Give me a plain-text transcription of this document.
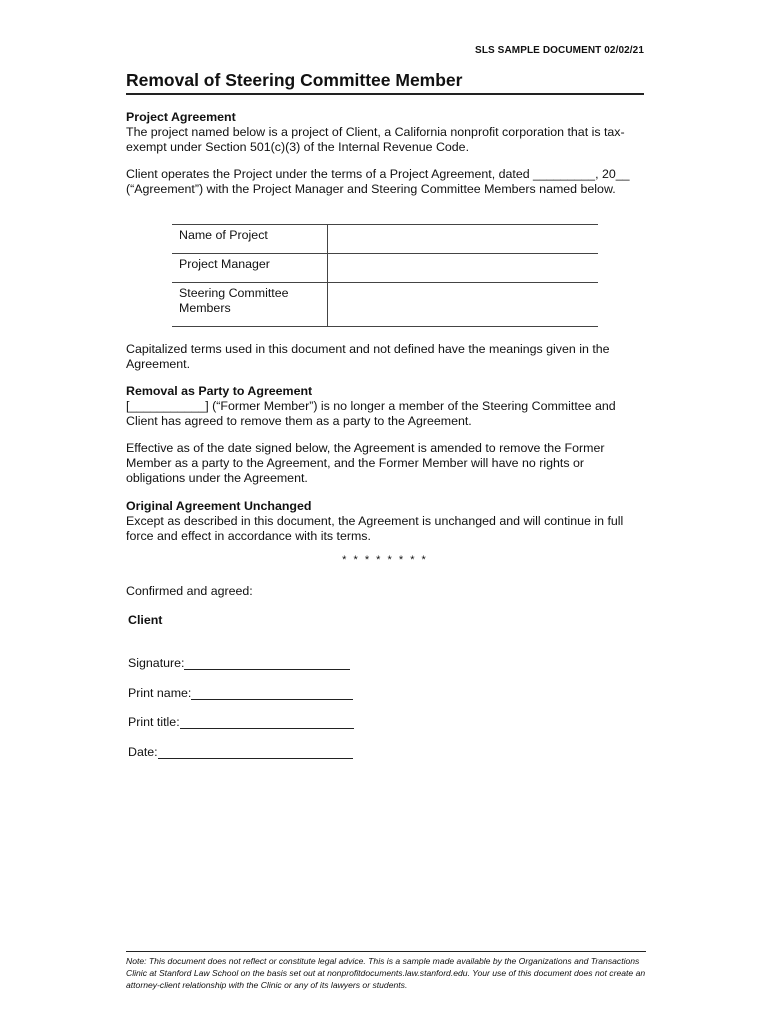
SLS SAMPLE DOCUMENT 02/02/21
Removal of Steering Committee Member
Project Agreement
The project named below is a project of Client, a California nonprofit corporation that is tax-exempt under Section 501(c)(3) of the Internal Revenue Code.

Client operates the Project under the terms of a Project Agreement, dated _________, 20__ (“Agreement”) with the Project Manager and Steering Committee Members named below.

Name of Project	
Project Manager	
Steering Committee Members	

Capitalized terms used in this document and not defined have the meanings given in the Agreement.

Removal as Party to Agreement
[___________] (“Former Member”) is no longer a member of the Steering Committee and Client has agreed to remove them as a party to the Agreement.

Effective as of the date signed below, the Agreement is amended to remove the Former Member as a party to the Agreement, and the Former Member will have no rights or obligations under the Agreement.

Original Agreement Unchanged
Except as described in this document, the Agreement is unchanged and will continue in full force and effect in accordance with its terms.
* * * * * * * *

Confirmed and agreed:

Client

Signature:
Print name:
Print title:
Date:
Note: This document does not reflect or constitute legal advice. This is a sample made available by the Organizations and Transactions Clinic at Stanford Law School on the basis set out at nonprofitdocuments.law.stanford.edu. Your use of this document does not create an attorney-client relationship with the Clinic or any of its lawyers or students.
